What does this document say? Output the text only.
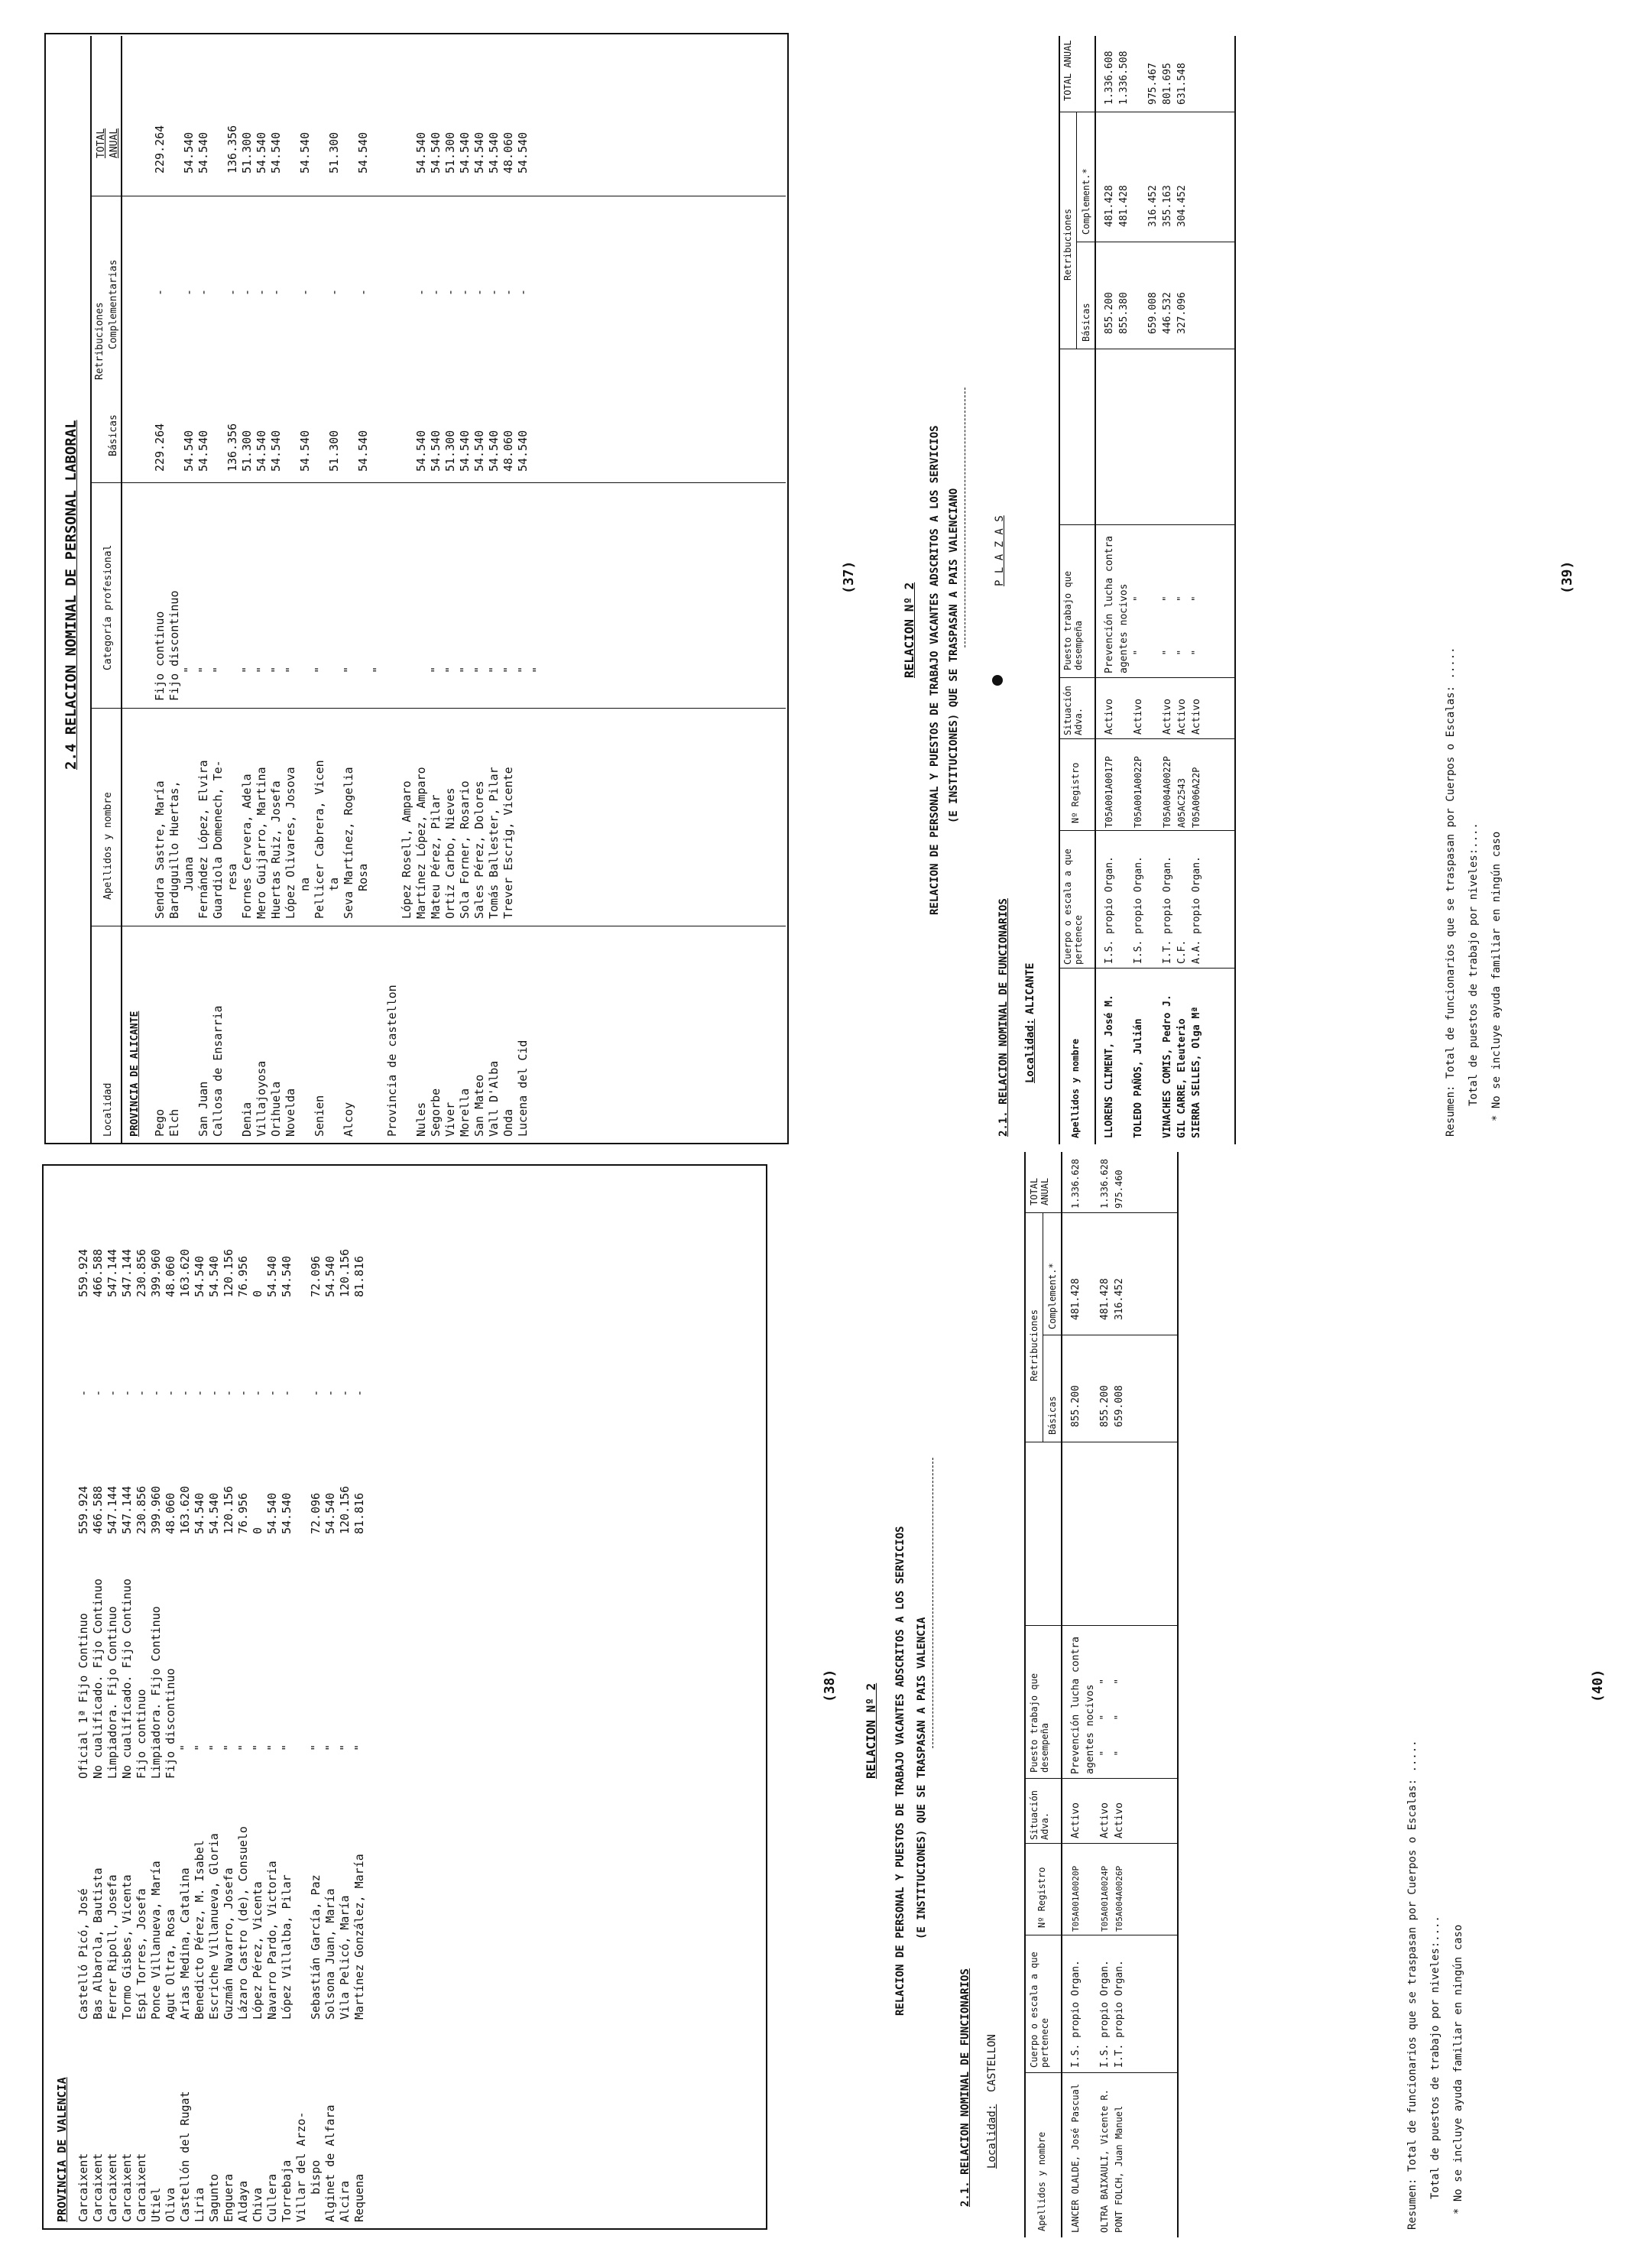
2.4 RELACION NOMINAL DE PERSONAL LABORAL
Localidad
Apellidos y nombre
Categoría profesional
Retribuciones
Básicas
Complementarias
TOTAL
ANUAL
PROVINCIA DE ALICANTE Pego
Elch

San Juan
Callosa de Ensarria

Denia
Villajoyosa
Orihuela
Novelda

Senien

Alcoy

Provincia de castellon

Nules
Segorbe
Viver
Morella
San Mateo
Vall D'Alba
Onda
Lucena del Cid
Sendra Sastre, María
Barduguillo Huertas,
Juana
Fernández López, Elvira
Guardiola Domenech, Te-
resa
Fornes Cervera, Adela
Mero Guijarro, Martina
Huertas Ruiz, Josefa
López Olivares, Josova
na
Pellicer Cabrera, Vicen
ta
Seva Martínez, Rogelia
Rosa

López Rosell, Amparo
Martínez López, Amparo
Mateu Pérez, Pilar
Ortiz Carbo, Nieves
Sola Forner, Rosario
Sales Pérez, Dolores
Tomás Ballester, Pilar
Trever Escrig, Vicente
Fijo continuo
Fijo discontinuo
"
"
"

"
"
"
"

"

"

"

"
"
"
"
"
"
"
"
229.264

54.540
54.540

136.356
51.300
54.540
54.540

54.540

51.300

54.540

54.540
54.540
51.300
54.540
54.540
54.540
48.060
54.540
-

-
-

-
-
-
-

-

-

-

-
-
-
-
-
-
-
-
229.264

54.540
54.540

136.356
51.300
54.540
54.540

54.540

51.300

54.540

54.540
54.540
51.300
54.540
54.540
54.540
48.060
54.540
(37)
RELACION Nº 2 RELACION DE PERSONAL Y PUESTOS DE TRABAJO VACANTES ADSCRITOS A LOS SERVICIOS (E INSTITUCIONES) QUE SE TRASPASAN A PAIS VALENCIANO	P L A Z A S
2.1. RELACION NOMINAL DE FUNCIONARIOS Localidad:
ALICANTE
Apellidos y nombre
Cuerpo o escala a que pertenece
Nº Registro
Situación Adva.
Puesto trabajo que desempeña
Retribuciones
Básicas
Complement.*
TOTAL ANUAL
LLORENS CLIMENT, José M.

TOLEDO PAÑOS, Julián

VINACHES COMIS, Pedro J.
GIL CARRE, Eleuterio
SIERRA SELLES, Olga Mª
I.S. propio Organ.

I.S. propio Organ.

I.T. propio Organ.
C.F.
A.A. propio Organ.
T05A001A0017P

T05A001A0022P

T05A004A0022P
A05AC2543
T05A006A22P
Activo

Activo

Activo
Activo
Activo
Prevención lucha contra
agentes nocivos
"        "

"        "
"        "
"        "
855.200
855.380

659.008
446.532
327.096
481.428
481.428

316.452
355.163
304.452
1.336.608
1.336.508

975.467
801.695
631.548
Resumen: Total de funcionarios que se traspasan por Cuerpos o Escalas: ..... Total de puestos de trabajo por niveles:.... * No se incluye ayuda familiar en ningún caso
(39)
PROVINCIA DE VALENCIA Carcaixent
Carcaixent
Carcaixent
Carcaixent
Carcaixent
Utiel
Oliva
Castellón del Rugat
Liria
Sagunto
Enguera
Aldaya
Chiva
Cullera
Torrebaja
Villar del Arzo-
bispo
Alginet de Alfara
Alcira
Requena
Castelló Picó, José
Bas Albarola, Bautista
Ferrer Ripoll, Josefa
Tormo Gisbes, Vicenta
Espí Torres, Josefa
Ponce Villanueva, María
Agut Oltra, Rosa
Arias Medina, Catalina
Benedicto Pérez, M. Isabel
Escriche Villanueva, Gloria
Guzmán Navarro, Josefa
Lázaro Castro (de), Consuelo
López Pérez, Vicenta
Navarro Pardo, Victoria
López Villalba, Pilar

Sebastián García, Paz
Solsona Juan, María
Vila Pelicó, María
Martínez González, María
Oficial 1ª Fijo Continuo
No cualificado. Fijo Continuo
Limpiadora. Fijo Continuo
No cualificado. Fijo Continuo
Fijo continuo
Limpiadora. Fijo Continuo
Fijo discontinuo
"
"
"
"
"
"
"
"

"
"
"
"
559.924
466.588
547.144
547.144
230.856
399.960
48.060
163.620
54.540
54.540
120.156
76.956
0
54.540
54.540

72.096
54.540
120.156
81.816
-
-
-
-
-
-
-
-
-
-
-
-
-
-
-

-
-
-
-
559.924
466.588
547.144
547.144
230.856
399.960
48.060
163.620
54.540
54.540
120.156
76.956
0
54.540
54.540

72.096
54.540
120.156
81.816
(38) RELACION Nº 2 RELACION DE PERSONAL Y PUESTOS DE TRABAJO VACANTES ADSCRITOS A LOS SERVICIOS (E INSTITUCIONES) QUE SE TRASPASAN A PAIS VALENCIA
2.1. RELACION NOMINAL DE FUNCIONARIOS Localidad:
CASTELLON
Apellidos y nombre
Cuerpo o escala a que pertenece
Nº Registro
Situación Adva.
Puesto trabajo que desempeña
Retribuciones
Básicas
Complement.*
TOTAL ANUAL
LANCER OLALDE, José Pascual

OLTRA BAIXAULI, Vicente R.
PONT FOLCH, Juan Manuel
I.S. propio Organ.

I.S. propio Organ.
I.T. propio Organ.
T05A001A0020P

T05A001A0024P
T05A004A0026P
Activo

Activo
Activo
Prevención lucha contra
agentes nocivos
"     "     "
"     "     "
855.200

855.200
659.008
481.428

481.428
316.452
1.336.628

1.336.628
975.460
Resumen: Total de funcionarios que se traspasan por Cuerpos o Escalas: ..... Total de puestos de trabajo por niveles:.... * No se incluye ayuda familiar en ningún caso
(40)
